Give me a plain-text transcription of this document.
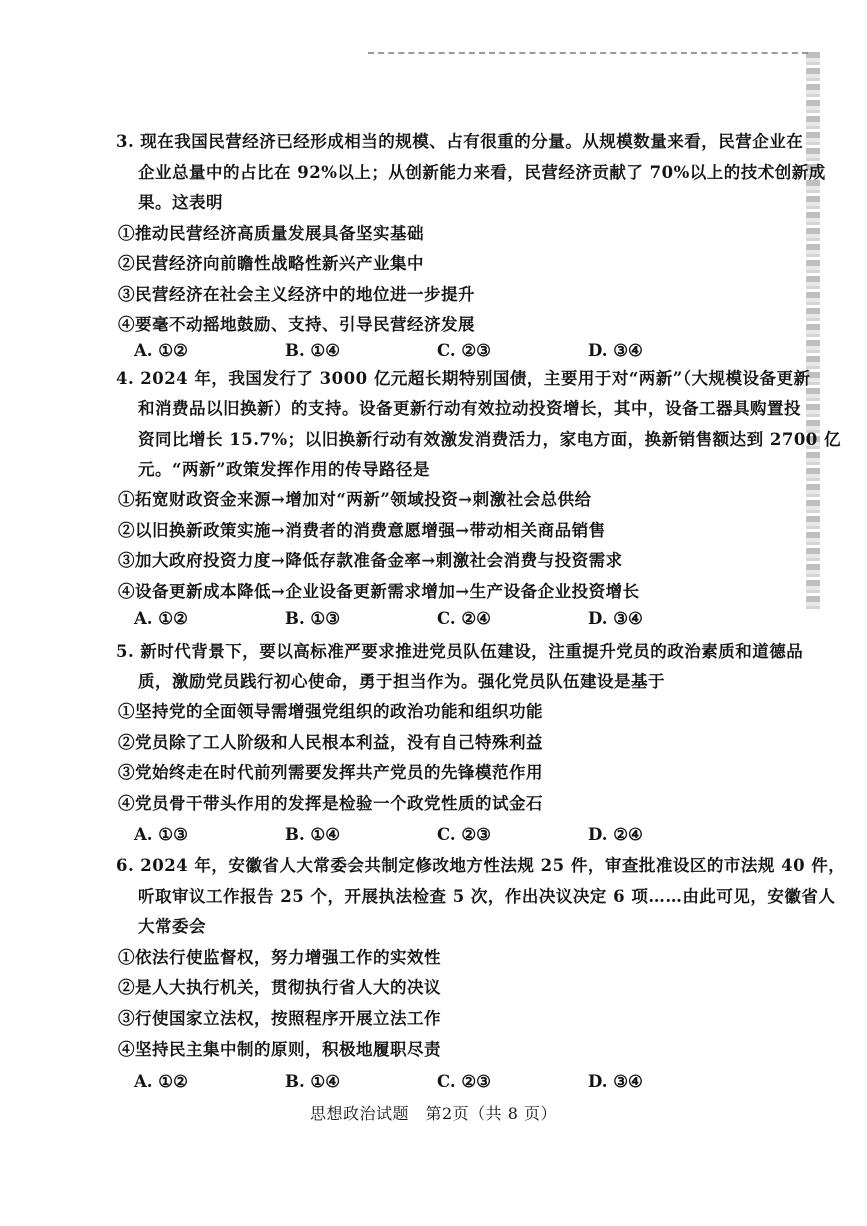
3. 现在我国民营经济已经形成相当的规模、占有很重的分量。从规模数量来看，民营企业在
企业总量中的占比在 92%以上；从创新能力来看，民营经济贡献了 70%以上的技术创新成
果。这表明
①推动民营经济高质量发展具备坚实基础
②民营经济向前瞻性战略性新兴产业集中
③民营经济在社会主义经济中的地位进一步提升
④要毫不动摇地鼓励、支持、引导民营经济发展
A. ①②	B. ①④	C. ②③	D. ③④
4. 2024 年，我国发行了 3000 亿元超长期特别国债，主要用于对“两新”（大规模设备更新
和消费品以旧换新）的支持。设备更新行动有效拉动投资增长，其中，设备工器具购置投
资同比增长 15.7%；以旧换新行动有效激发消费活力，家电方面，换新销售额达到 2700 亿
元。“两新”政策发挥作用的传导路径是
①拓宽财政资金来源→增加对“两新”领域投资→刺激社会总供给
②以旧换新政策实施→消费者的消费意愿增强→带动相关商品销售
③加大政府投资力度→降低存款准备金率→刺激社会消费与投资需求
④设备更新成本降低→企业设备更新需求增加→生产设备企业投资增长
A. ①②	B. ①③	C. ②④	D. ③④
5. 新时代背景下，要以高标准严要求推进党员队伍建设，注重提升党员的政治素质和道德品
质，激励党员践行初心使命，勇于担当作为。强化党员队伍建设是基于
①坚持党的全面领导需增强党组织的政治功能和组织功能
②党员除了工人阶级和人民根本利益，没有自己特殊利益
③党始终走在时代前列需要发挥共产党员的先锋模范作用
④党员骨干带头作用的发挥是检验一个政党性质的试金石
A. ①③	B. ①④	C. ②③	D. ②④
6. 2024 年，安徽省人大常委会共制定修改地方性法规 25 件，审查批准设区的市法规 40 件，
听取审议工作报告 25 个，开展执法检查 5 次，作出决议决定 6 项……由此可见，安徽省人
大常委会
①依法行使监督权，努力增强工作的实效性
②是人大执行机关，贯彻执行省人大的决议
③行使国家立法权，按照程序开展立法工作
④坚持民主集中制的原则，积极地履职尽责
A. ①②	B. ①④	C. ②③	D. ③④
思想政治试题　第2页（共 8 页）
